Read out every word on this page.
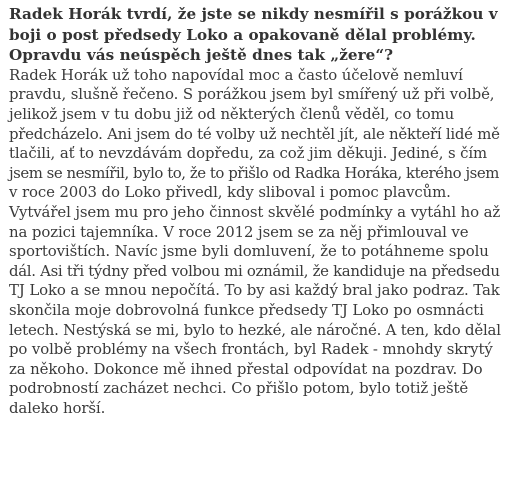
Radek Horák tvrdí, že jste se nikdy nesmířil s porážkou v
boji o post předsedy Loko a opakovaně dělal problémy.
Opravdu vás neúspěch ještě dnes tak „žere“?

Radek Horák už toho napovídal moc a často účelově nemluví
pravdu, slušně řečeno. S porážkou jsem byl smířený už při volbě,
jelikož jsem v tu dobu již od některých členů věděl, co tomu
předcházelo. Ani jsem do té volby už nechtěl jít, ale někteří lidé mě
tlačili, ať to nevzdávám dopředu, za což jim děkuji. Jediné, s čím
jsem se nesmířil, bylo to, že to přišlo od Radka Horáka, kterého jsem
v roce 2003 do Loko přivedl, kdy sliboval i pomoc plavcům.
Vytvářel jsem mu pro jeho činnost skvělé podmínky a vytáhl ho až
na pozici tajemníka. V roce 2012 jsem se za něj přimlouval ve
sportovištích. Navíc jsme byli domluvení, že to potáhneme spolu
dál. Asi tři týdny před volbou mi oznámil, že kandiduje na předsedu
TJ Loko a se mnou nepočítá. To by asi každý bral jako podraz. Tak
skončila moje dobrovolná funkce předsedy TJ Loko po osmnácti
letech. Nestýská se mi, bylo to hezké, ale náročné. A ten, kdo dělal
po volbě problémy na všech frontách, byl Radek - mnohdy skrytý
za někoho. Dokonce mě ihned přestal odpovídat na pozdrav. Do
podrobností zacházet nechci. Co přišlo potom, bylo totiž ještě
daleko horší.
